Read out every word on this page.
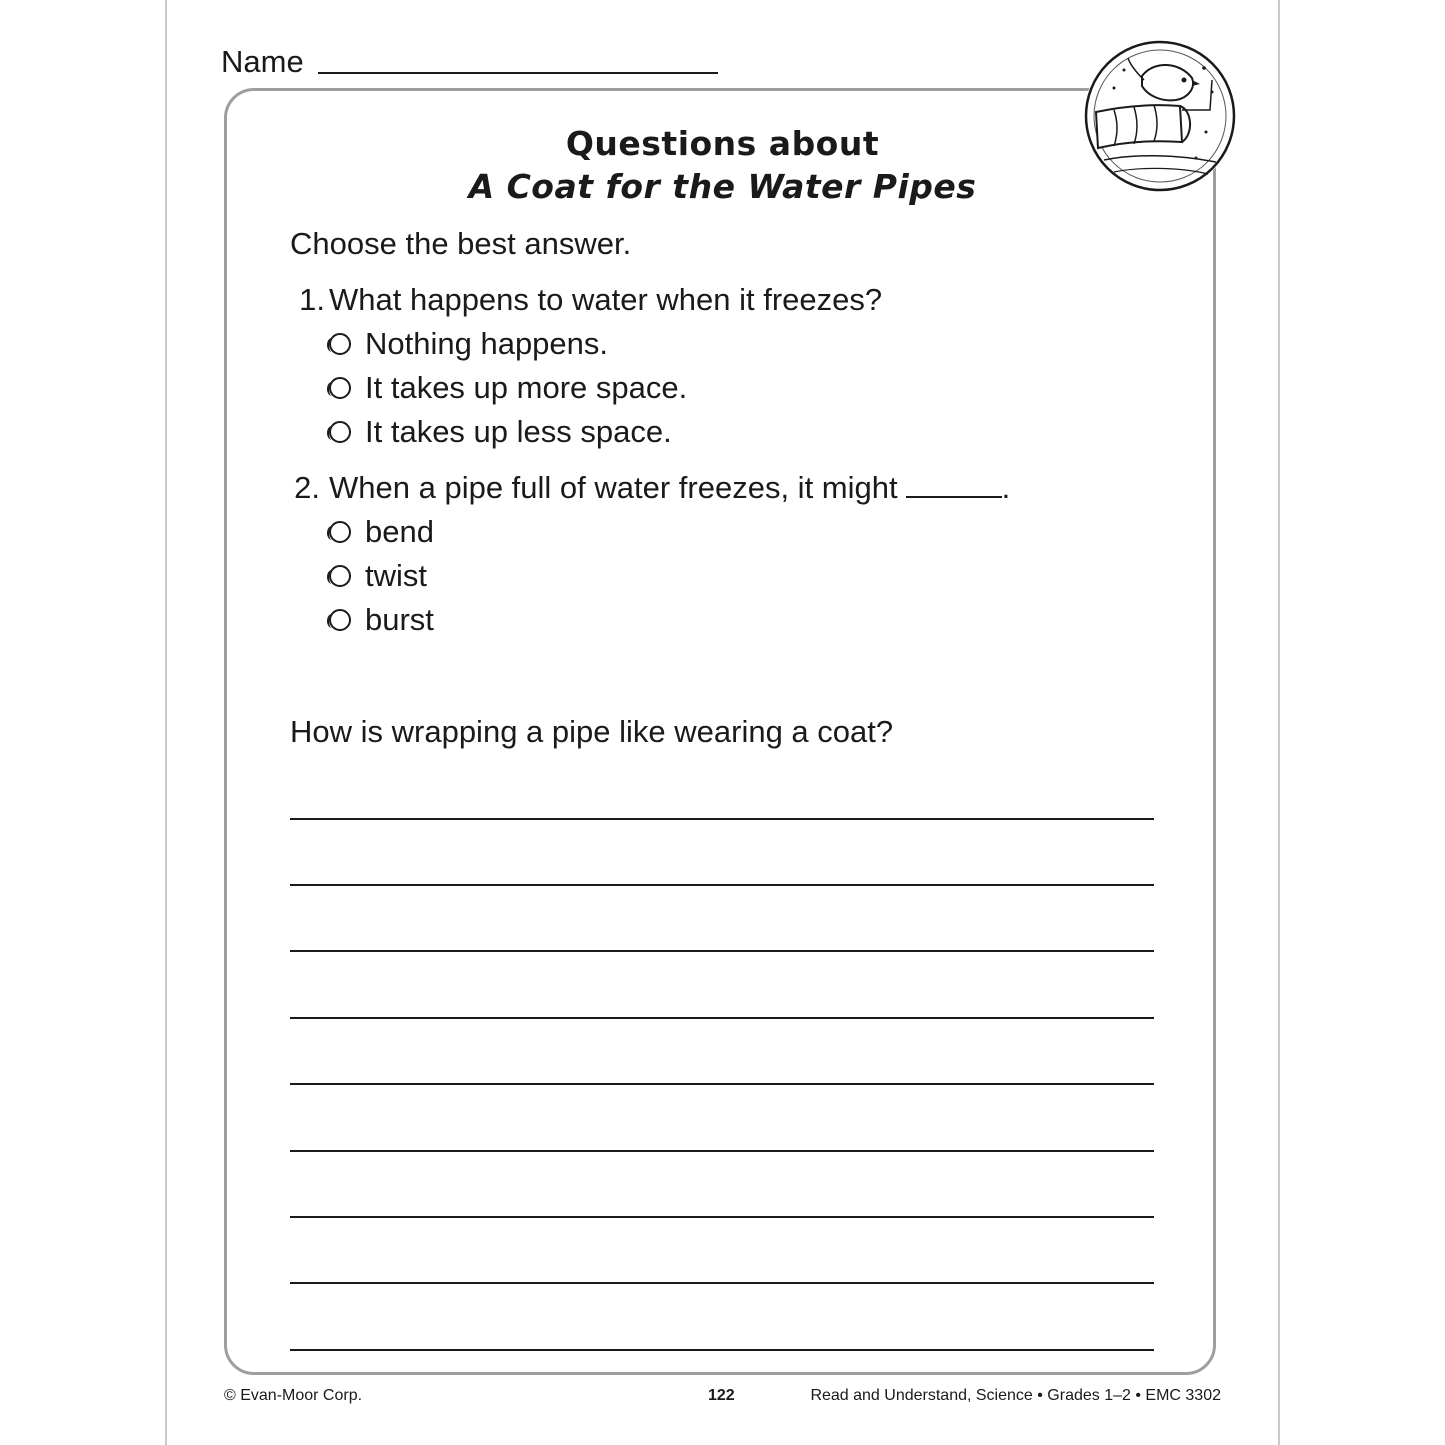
Name
Questions about
A Coat for the Water Pipes
Choose the best answer.
1. What happens to water when it freezes?
Nothing happens.
It takes up more space.
It takes up less space.
2. When a pipe full of water freezes, it might	.
bend
twist
burst
How is wrapping a pipe like wearing a coat?
© Evan-Moor Corp.	122	Read and Understand, Science • Grades 1–2 • EMC 3302
